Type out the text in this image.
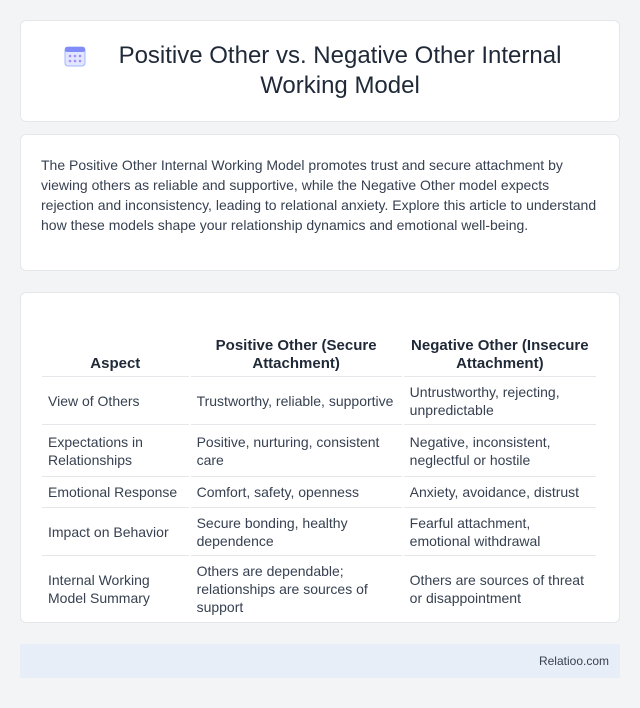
Positive Other vs. Negative Other Internal Working Model

The Positive Other Internal Working Model promotes trust and secure attachment by viewing others as reliable and supportive, while the Negative Other model expects rejection and inconsistency, leading to relational anxiety. Explore this article to understand how these models shape your relationship dynamics and emotional well-being.

Aspect	Positive Other (Secure Attachment)	Negative Other (Insecure Attachment)
View of Others	Trustworthy, reliable, supportive	Untrustworthy, rejecting, unpredictable
Expectations in Relationships	Positive, nurturing, consistent care	Negative, inconsistent, neglectful or hostile
Emotional Response	Comfort, safety, openness	Anxiety, avoidance, distrust
Impact on Behavior	Secure bonding, healthy dependence	Fearful attachment, emotional withdrawal
Internal Working Model Summary	Others are dependable; relationships are sources of support	Others are sources of threat or disappointment
Relatioo.com
